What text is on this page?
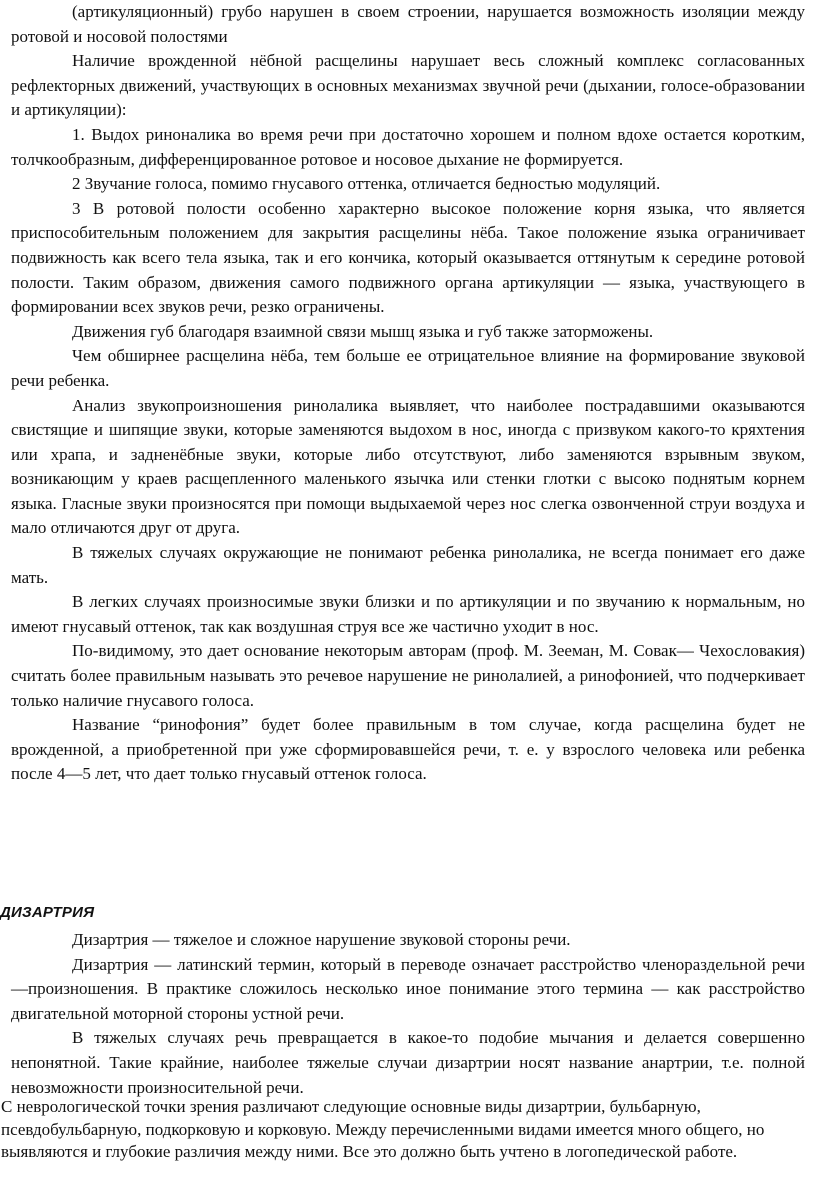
(артикуляционный) грубо нарушен в своем строении, нарушается возможность изоляции между ротовой и носовой полостями

Наличие врожденной нёбной расщелины нарушает весь сложный комплекс согласованных рефлекторных движений, участвующих в основных механизмах звучной речи (дыхании, голосе-образовании и артикуляции):

1. Выдох риноналика во время речи при достаточно хорошем и полном вдохе остается коротким, толчкообразным, дифференцированное ротовое и носовое дыхание не формируется.

2 Звучание голоса, помимо гнусавого оттенка, отличается бедностью модуляций.

3 В ротовой полости особенно характерно высокое положение корня языка, что является приспособительным положением для закрытия расщелины нёба. Такое положение языка ограничивает подвижность как всего тела языка, так и его кончика, который оказывается оттянутым к середине ротовой полости. Таким образом, движения самого подвижного органа артикуляции — языка, участвующего в формировании всех звуков речи, резко ограничены.

Движения губ благодаря взаимной связи мышц языка и губ также заторможены.

Чем обширнее расщелина нёба, тем больше ее отрицательное влияние на формирование звуковой речи ребенка.

Анализ звукопроизношения ринолалика выявляет, что наиболее пострадавшими оказываются свистящие и шипящие звуки, которые заменяются выдохом в нос, иногда с призвуком какого-то кряхтения или храпа, и задненёбные звуки, которые либо отсутствуют, либо заменяются взрывным звуком, возникающим у краев расщепленного маленького язычка или стенки глотки с высоко поднятым корнем языка. Гласные звуки произносятся при помощи выдыхаемой через нос слегка озвонченной струи воздуха и мало отличаются друг от друга.

В тяжелых случаях окружающие не понимают ребенка ринолалика, не всегда понимает его даже мать.

В легких случаях произносимые звуки близки и по артикуляции и по звучанию к нормальным, но имеют гнусавый оттенок, так как воздушная струя все же частично уходит в нос.

По-видимому, это дает основание некоторым авторам (проф. М. Зееман, М. Совак— Чехословакия) считать более правильным называть это речевое нарушение не ринолалией, а ринофонией, что подчеркивает только наличие гнусавого голоса.

Название “ринофония” будет более правильным в том случае, когда расщелина будет не врожденной, а приобретенной при уже сформировавшейся речи, т. е. у взрослого человека или ребенка после 4—5 лет, что дает только гнусавый оттенок голоса.

ДИЗАРТРИЯ

Дизартрия — тяжелое и сложное нарушение звуковой стороны речи.

Дизартрия — латинский термин, который в переводе означает расстройство членораздельной речи—произношения. В практике сложилось несколько иное понимание этого термина — как расстройство двигательной моторной стороны устной речи.

В тяжелых случаях речь превращается в какое-то подобие мычания и делается совершенно непонятной. Такие крайние, наиболее тяжелые случаи дизартрии носят название анартрии, т.е. полной невозможности произносительной речи.

С неврологической точки зрения различают следующие основные виды дизартрии, бульбарную, псевдобульбарную, подкорковую и корковую. Между перечисленными видами имеется много общего, но выявляются и глубокие различия между ними. Все это должно быть учтено в логопедической работе.
